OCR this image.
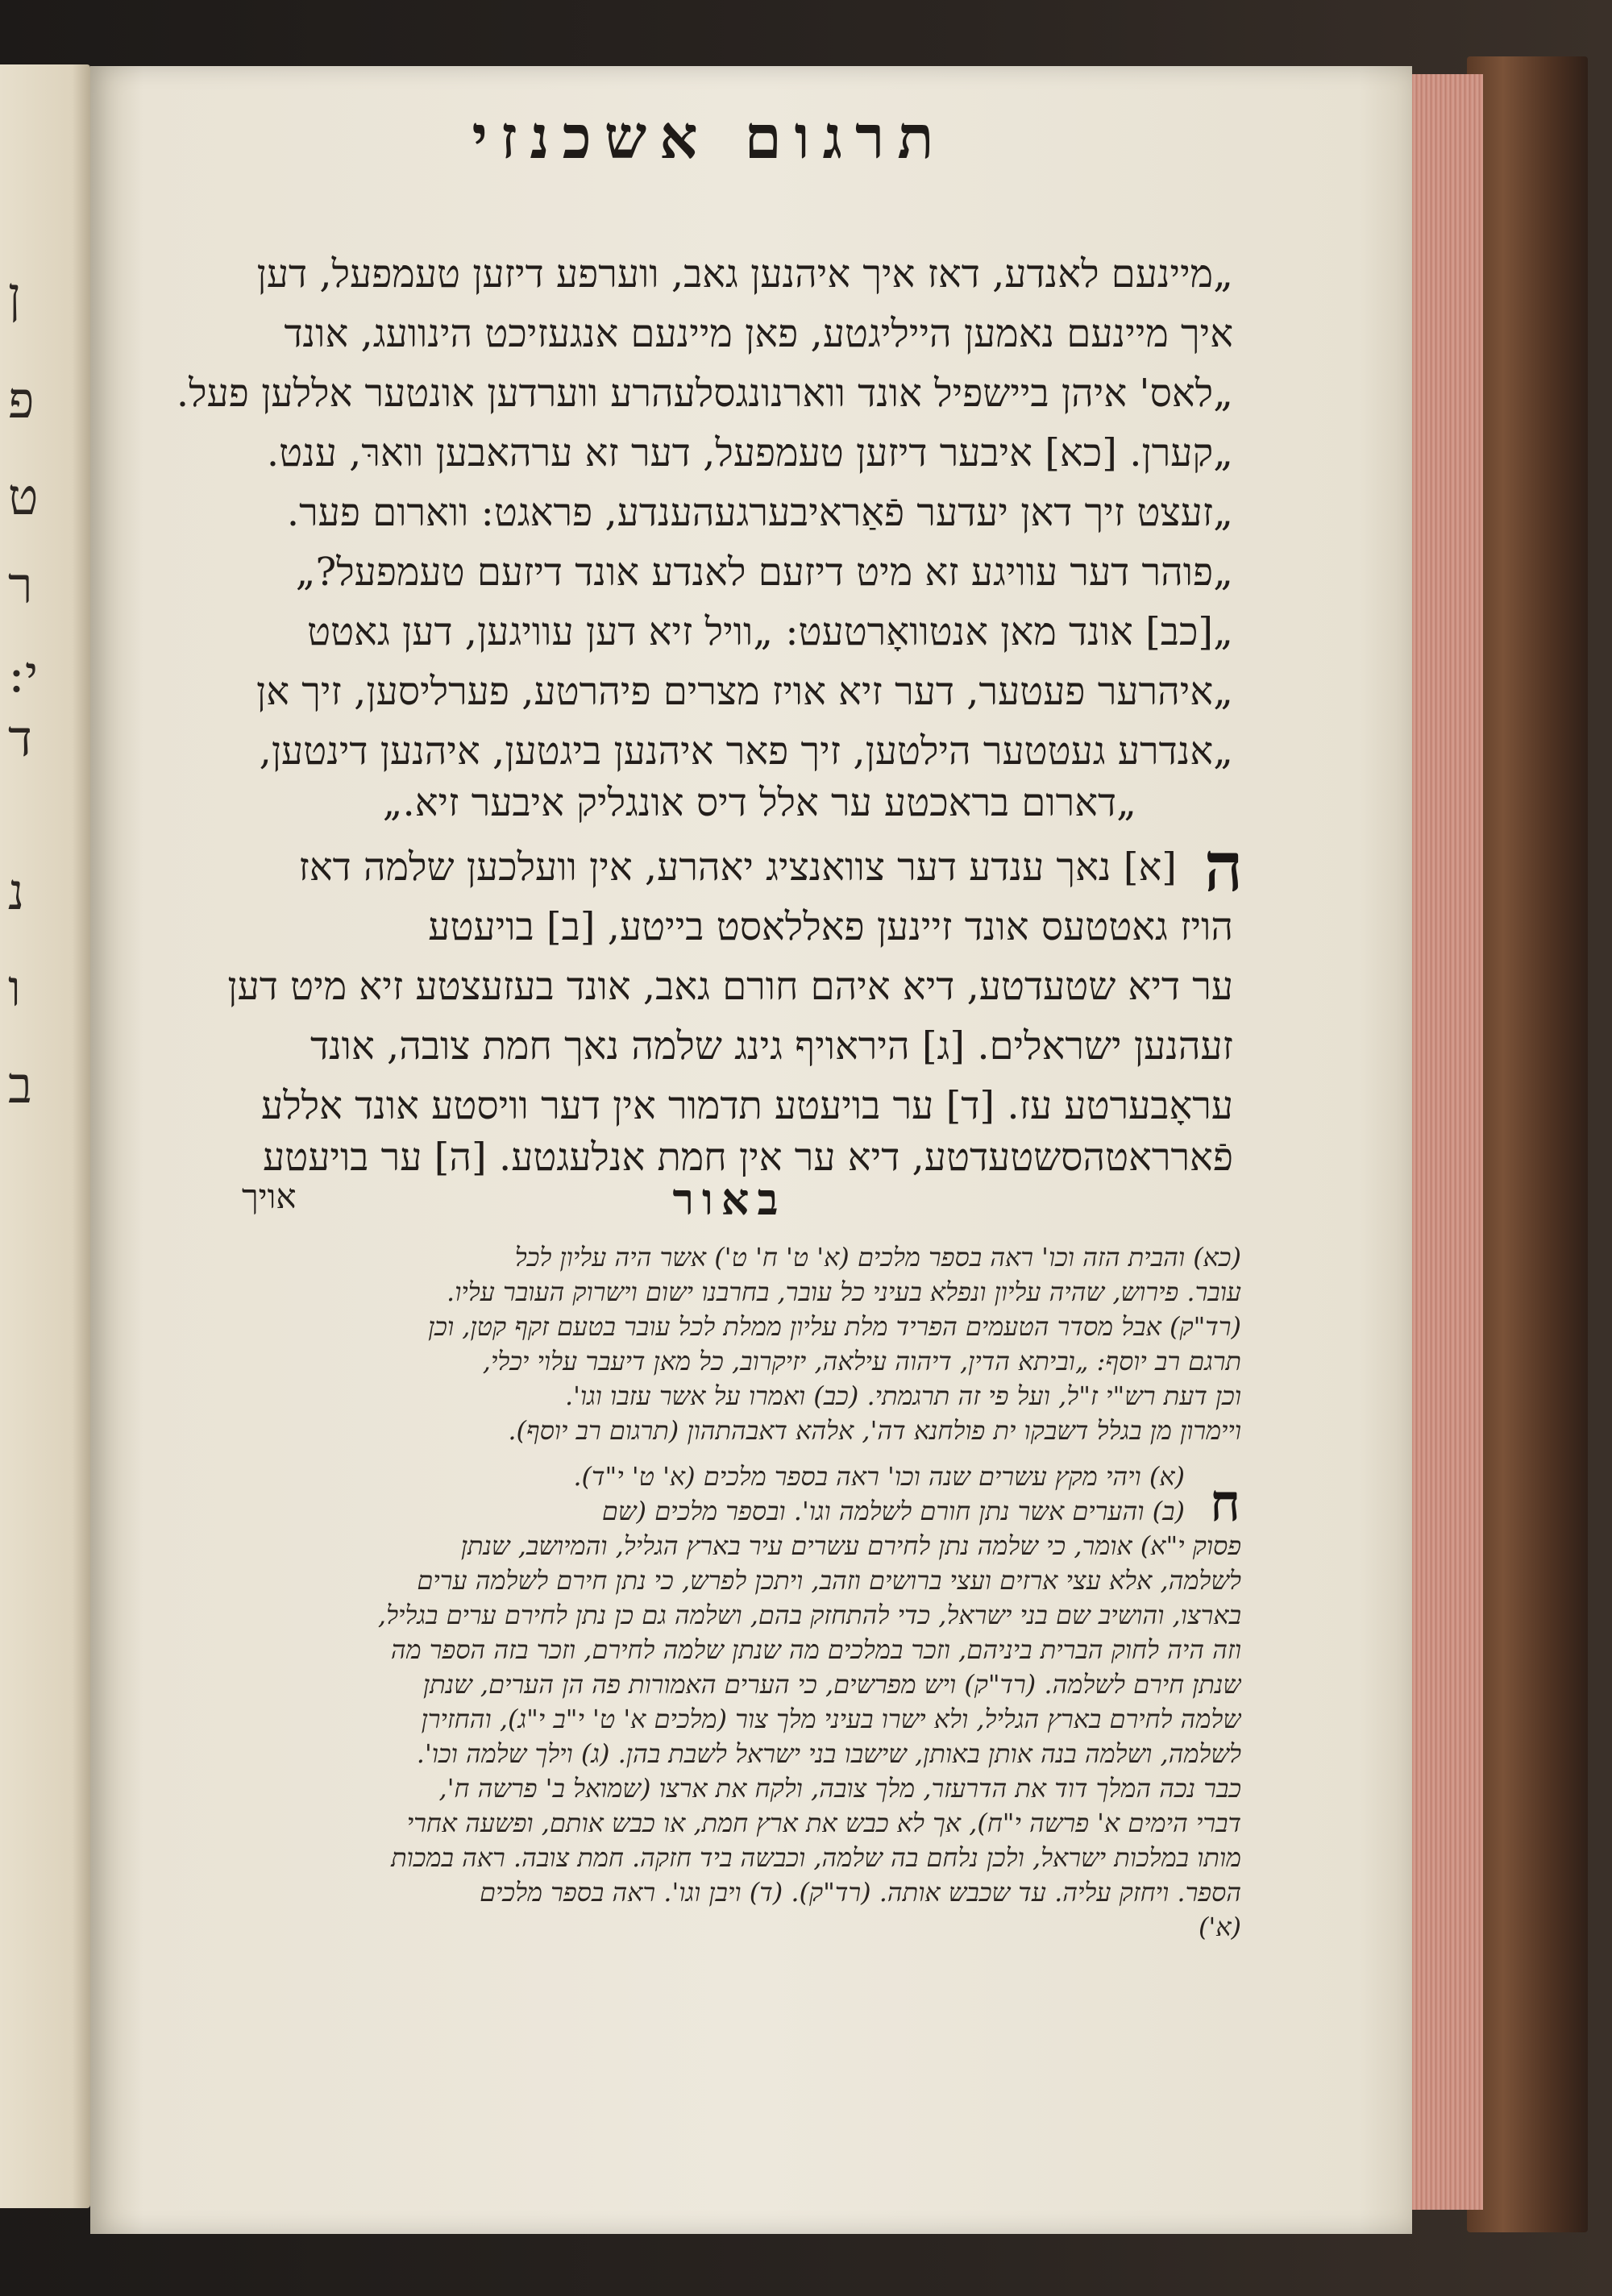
ן
פ
ט
ר
י:
ד
נ
ו
ב
תרגום אשכנזי
„מיינעם לאנדע, דאז איך איהנען גאב, ווערפע דיזען טעמפעל, דען
איך מיינעם נאמען הייליגטע, פאן מיינעם אנגעזיכט הינוועג, אונד
„לאס' איהן ביישפיל אונד ווארנונגסלעהרע ווערדען אונטער אללען פעל.
„קערן. [כא] איבער דיזען טעמפעל, דער זא ערהאבען ווארּ, ענט.
„זעצט זיך דאן יעדער פֿאַראיבערגעהענדע, פראגט: ווארום פער.
„פוהר דער עוויגע זא מיט דיזעם לאנדע אונד דיזעם טעמפעל?„
„[כב] אונד מאן אנטוואָרטעט: „וויל זיא דען עוויגען, דען גאטט
„איהרער פעטער, דער זיא אויז מצרים פיהרטע, פערליסען, זיך אן
„אנדרע געטטער הילטען, זיך פאר איהנען ביגטען, איהנען דינטען,
„דארום בראכטע ער אלל דיס אונגליק איבער זיא.„
ה
[א] נאך ענדע דער צוואנציג יאהרע, אין וועלכען שלמה דאז
הויז גאטטעס אונד זיינען פאללאסט בייטע, [ב] בויעטע
ער דיא שטעדטע, דיא איהם חורם גאב, אונד בעזעצטע זיא מיט דען
זעהנען ישראלים. [ג] היראויף גינג שלמה נאך חמת צובה, אונד
עראָבערטע עז. [ד] ער בויעטע תדמור אין דער וויסטע אונד אללע
פֿארראטהסשטעדטע, דיא ער אין חמת אנלעגטע. [ה] ער בויעטע
באור
אויך
ח
(כא) והבית הזה וכו' ראה בספר מלכים (א' ט' ח' ט') אשר היה עליון לכל
עובר. פירוש, שהיה עליון ונפלא בעיני כל עובר, בחרבנו ישום וישרוק העובר עליו.
(רד"ק) אבל מסדר הטעמים הפריד מלת עליון ממלת לכל עובר בטעם זקף קטן, וכן
תרגם רב יוסף: „וביתא הדין, דיהוה עילאה, יזיקרוב, כל מאן דיעבר עלוי יכלי,
וכן דעת רש"י ז"ל, ועל פי זה תרגמתי. (כב) ואמרו על אשר עזבו וגו'.
ויימרון מן בגלל דשבקו ית פולחנא דה', אלהא דאבהתהון (תרגום רב יוסף).
(א) ויהי מקץ עשרים שנה וכו' ראה בספר מלכים (א' ט' י"ד).
(ב) והערים אשר נתן חורם לשלמה וגו'. ובספר מלכים (שם
פסוק י"א) אומר, כי שלמה נתן לחירם עשרים עיר בארץ הגליל, והמיושב, שנתן
לשלמה, אלא עצי ארזים ועצי ברושים וזהב, ויתכן לפרש, כי נתן חירם לשלמה ערים
בארצו, והושיב שם בני ישראל, כדי להתחזק בהם, ושלמה גם כן נתן לחירם ערים בגליל,
וזה היה לחוק הברית ביניהם, וזכר במלכים מה שנתן שלמה לחירם, וזכר בזה הספר מה
שנתן חירם לשלמה. (רד"ק) ויש מפרשים, כי הערים האמורות פה הן הערים, שנתן
שלמה לחירם בארץ הגליל, ולא ישרו בעיני מלך צור (מלכים א' ט' י"ב י"ג), והחזירן
לשלמה, ושלמה בנה אותן באותן, שישבו בני ישראל לשבת בהן. (ג) וילך שלמה וכו'.
כבר נכה המלך דוד את הדרעזר, מלך צובה, ולקח את ארצו (שמואל ב' פרשה ח',
דברי הימים א' פרשה י"ח), אך לא כבש את ארץ חמת, או כבש אותם, ופשעה אחרי
מותו במלכות ישראל, ולכן נלחם בה שלמה, וכבשה ביד חזקה. חמת צובה. ראה במכות
הספר. ויחזק עליה. עד שכבש אותה. (רד"ק). (ד) ויבן וגו'. ראה בספר מלכים
(א')
